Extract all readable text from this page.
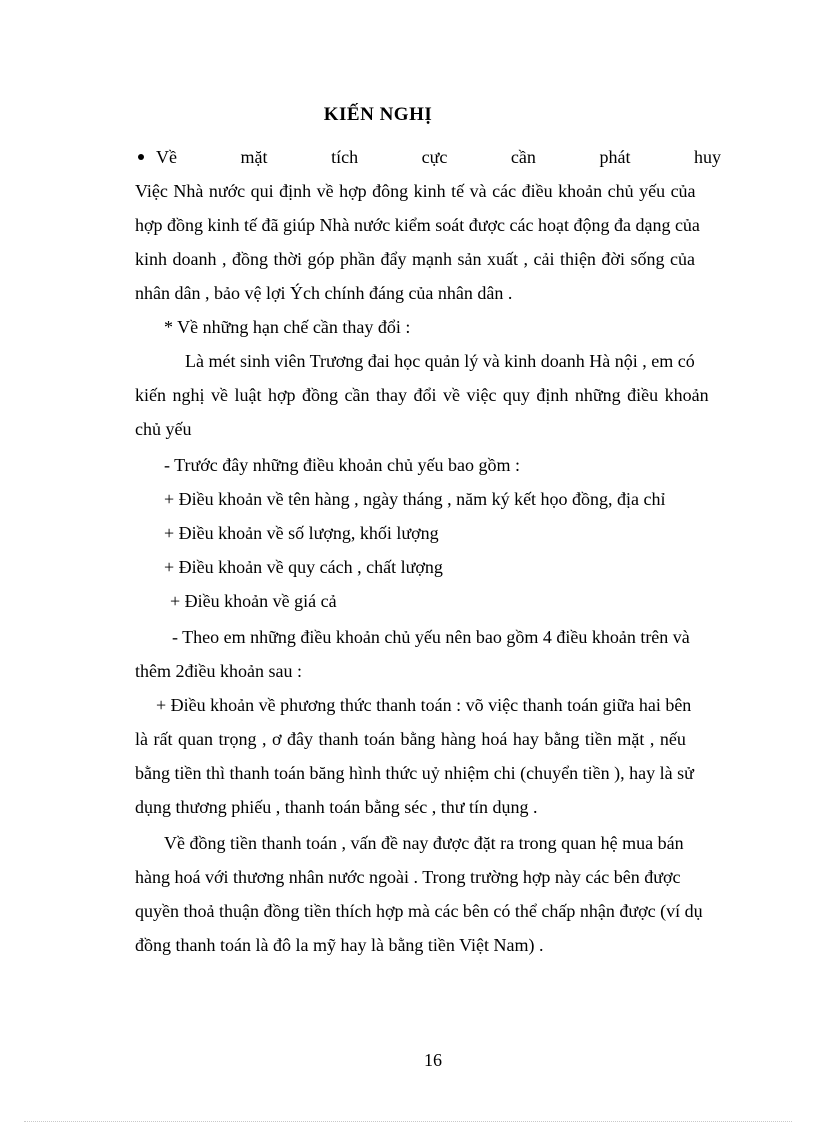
KIẾN NGHỊ
Về	mặt	tích	cực	cần	phát	huy
Việc Nhà nước qui định về hợp đông kinh tế và các điều khoản chủ yếu của
hợp đồng kinh tế đã giúp Nhà nước kiểm soát được các hoạt động đa dạng của
kinh doanh , đồng thời góp phần đẩy mạnh sản xuất , cải thiện đời sống của
nhân dân , bảo vệ lợi Ých chính đáng của nhân dân .
* Về những hạn chế cần thay đổi :
Là mét sinh viên Trương đai học quản lý và kinh doanh Hà nội , em có
kiến nghị về luật hợp đồng cần thay đổi về việc quy định những điều khoản
chủ yếu
- Trước đây những điều khoản chủ yếu bao gồm :
+ Điều khoản về tên hàng , ngày tháng , năm ký kết họo đồng, địa chỉ
+ Điều khoản về số lượng, khối lượng
+ Điều khoản về quy cách , chất lượng
+ Điều khoản về giá cả
- Theo em những điều khoản chủ yếu nên bao gồm 4 điều khoản trên và
thêm 2điều khoản sau :
+ Điều khoản về phương thức thanh toán : võ việc thanh toán giữa hai bên
là rất quan trọng , ơ đây thanh toán bằng hàng hoá hay bằng tiền mặt , nếu
bằng tiền thì thanh toán băng hình thức uỷ nhiệm chi (chuyển tiền ), hay là sử
dụng thương phiếu , thanh toán bằng séc , thư tín dụng .
Về đồng tiền thanh toán , vấn đề nay được đặt ra trong quan hệ mua bán
hàng hoá với thương nhân nước ngoài . Trong trường hợp này các bên được
quyền thoả thuận đồng tiền thích hợp mà các bên có thể chấp nhận được (ví dụ
đồng thanh toán là đô la mỹ hay là bằng tiền Việt Nam) .
16
